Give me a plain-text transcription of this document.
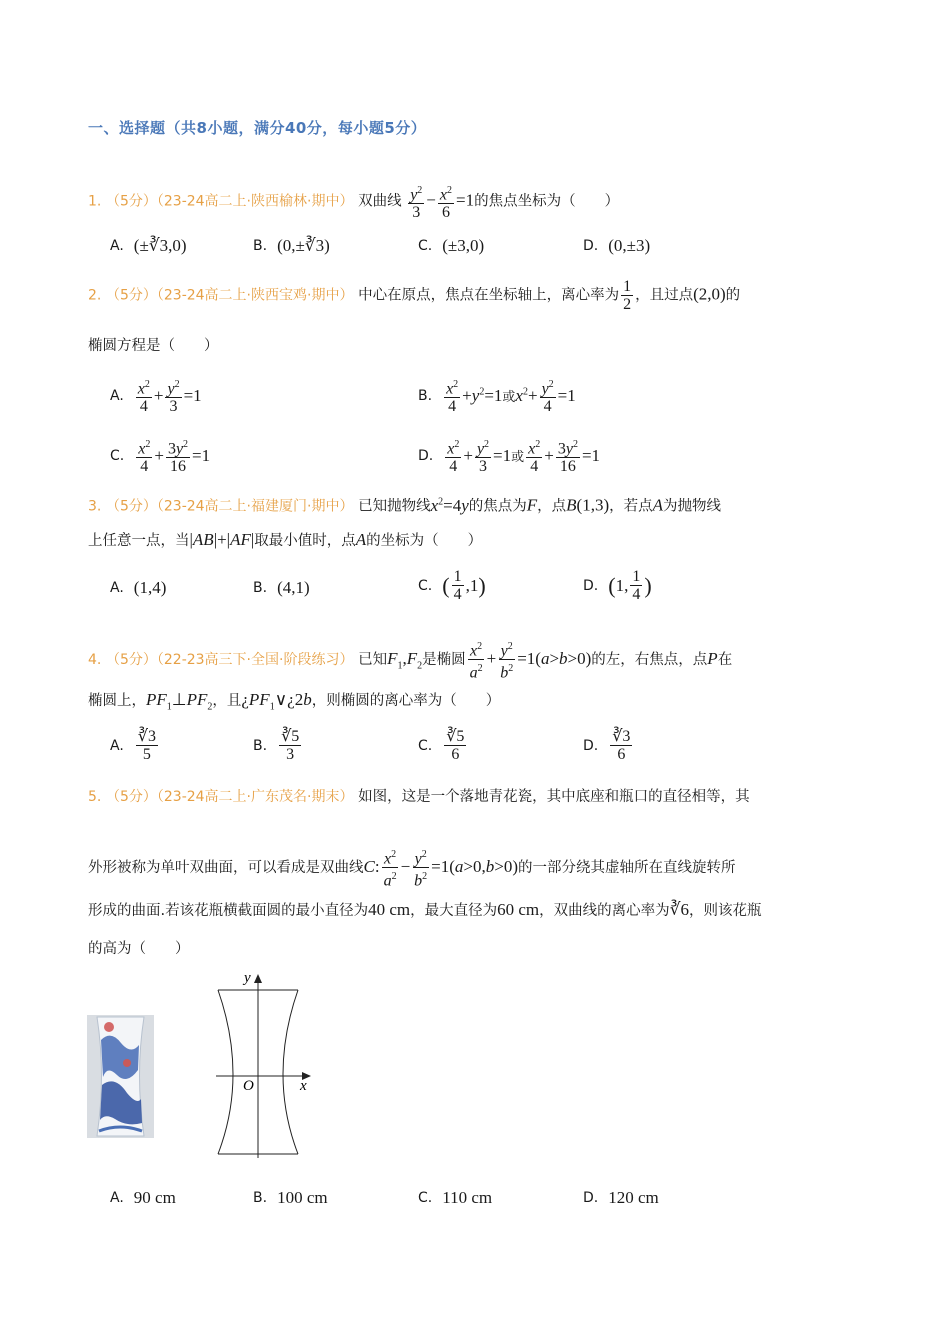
一、选择题（共8小题，满分40分，每小题5分）
1. （5分）（23-24高二上·陕西榆林·期中） 双曲线 $\frac{y^2}{3} - \frac{x^2}{6} =1$的焦点坐标为（　　）
A. (±∛3,0)	B. (0,±∛3)	C. (±3,0)	D. (0,±3)
2. （5分）（23-24高二上·陕西宝鸡·期中） 中心在原点，焦点在坐标轴上，离心率为 $\frac{1}{2}$ ，且过点(2,0)的
椭圆方程是（　　）
A. $\frac{x^2}{4} + \frac{y^2}{3} =1$	B. $\frac{x^2}{4} +y^2=1$ 或 $x^2+ \frac{y^2}{4} =1$
C. $\frac{x^2}{4} + \frac{3y^2}{16} =1$	D. $\frac{x^2}{4} + \frac{y^2}{3} =1$ 或 $\frac{x^2}{4} + \frac{3y^2}{16} =1$
3. （5分）（23-24高二上·福建厦门·期中） 已知抛物线$x^2=4y$的焦点为F，点B(1,3)，若点A为抛物线
上任意一点，当|AB|+|AF|取最小值时，点A的坐标为（　　）
A. (1,4)	B. (4,1)	C. ( $\frac{1}{4} ,1$ )	D. ( 1, $\frac{1}{4}$ )
4. （5分）（22-23高三下·全国·阶段练习） 已知$F_1,F_2$是椭圆 $\frac{x^2}{a^2} + \frac{y^2}{b^2} =1(a>b>0)$的左，右焦点，点P在
椭圆上，$PF_1\perp PF_2$，且¿$PF_1\vee¿2b$，则椭圆的离心率为（　　）
A. $\frac{∛3}{5}$	B. $\frac{∛5}{3}$	C. $\frac{∛5}{6}$	D. $\frac{∛3}{6}$
5. （5分）（23-24高二上·广东茂名·期末） 如图，这是一个落地青花瓷，其中底座和瓶口的直径相等，其
外形被称为单叶双曲面，可以看成是双曲线C: $\frac{x^2}{a^2} - \frac{y^2}{b^2} =1(a>0,b>0)$的一部分绕其虚轴所在直线旋转所
形成的曲面.若该花瓶横截面圆的最小直径为40 cm，最大直径为60 cm，双曲线的离心率为∛6，则该花瓶
的高为（　　）
y
x
O
A. 90 cm	B. 100 cm	C. 110 cm	D. 120 cm
